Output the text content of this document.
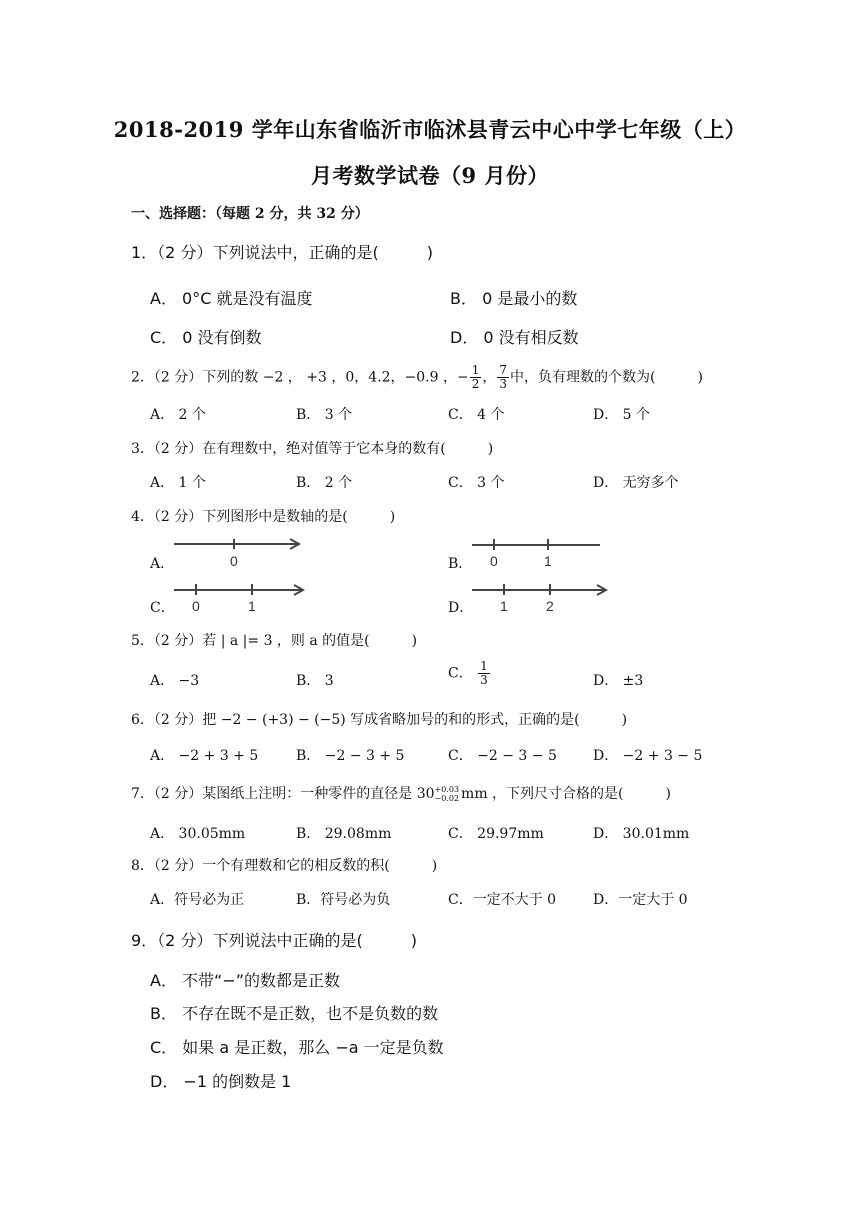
2018-2019 学年山东省临沂市临沭县青云中心中学七年级（上）
月考数学试卷（9 月份）
一、选择题：（每题 2 分，共 32 分）
1．（2 分）下列说法中，正确的是(　　　)
A． 0°C 就是没有温度	B． 0 是最小的数
C． 0 没有倒数	D． 0 没有相反数
2．（2 分）下列的数 −2 ， +3 ，0，4.2，−0.9 ，− $\frac{1}{2}$ ， $\frac{7}{3}$ 中，负有理数的个数为(　　　)
A． 2 个	B． 3 个	C． 4 个	D． 5 个
3．（2 分）在有理数中，绝对值等于它本身的数有(　　　)
A． 1 个	B． 2 个	C． 3 个	D． 无穷多个
4．（2 分）下列图形中是数轴的是(　　　)
A．	0	B． 0	1
C． 0	1	D． 1	2
5．（2 分）若 | a |= 3 ，则 a 的值是(　　　)
A． −3	B． 3	C． $\frac{1}{3}$	D． ±3
6．（2 分）把 −2 − (+3) − (−5) 写成省略加号的和的形式，正确的是(　　　)
A． −2 + 3 + 5	B． −2 − 3 + 5	C． −2 − 3 − 5	D． −2 + 3 − 5
7．（2 分）某图纸上注明：一种零件的直径是 30 +0.03
−0.02 mm ，下列尺寸合格的是(　　　)
A． 30.05mm	B． 29.08mm	C． 29.97mm	D． 30.01mm
8．（2 分）一个有理数和它的相反数的积(　　　)
A．符号必为正	B．符号必为负	C．一定不大于 0	D．一定大于 0
9．（2 分）下列说法中正确的是(　　　)
A． 不带“−”的数都是正数
B． 不存在既不是正数，也不是负数的数
C． 如果 a 是正数，那么 −a 一定是负数
D． −1 的倒数是 1
